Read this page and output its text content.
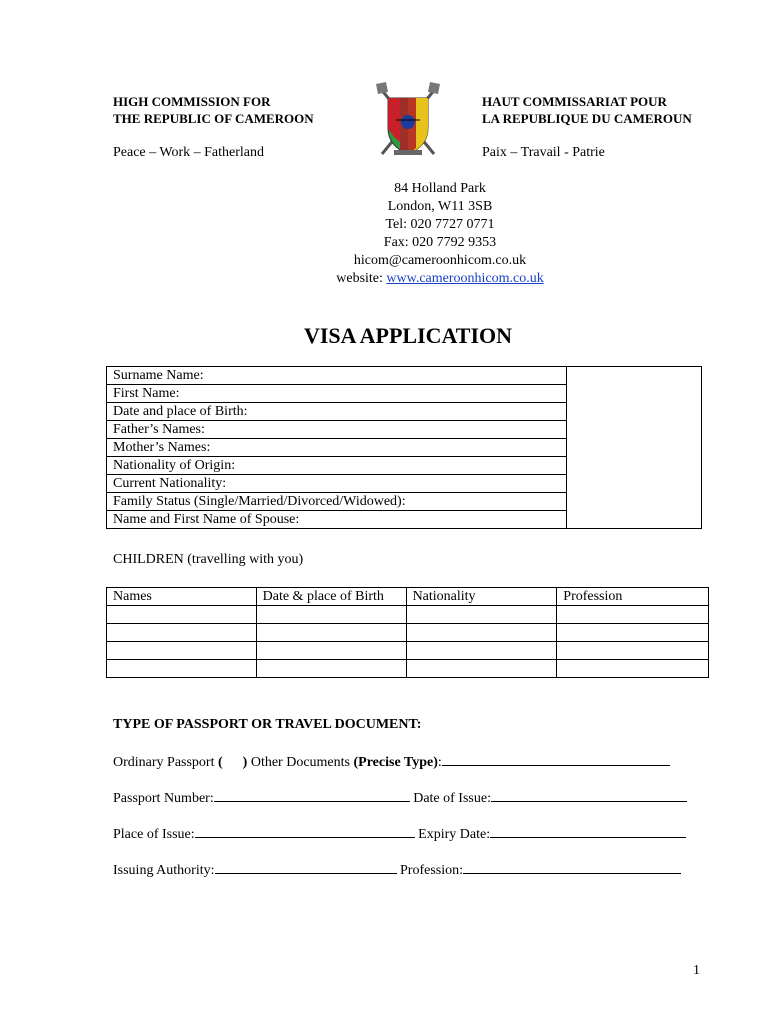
HIGH COMMISSION FOR
THE REPUBLIC OF CAMEROON
Peace – Work – Fatherland
HAUT COMMISSARIAT POUR
LA REPUBLIQUE DU CAMEROUN
Paix – Travail - Patrie
84 Holland Park
London, W11 3SB
Tel: 020 7727 0771
Fax: 020 7792 9353
hicom@cameroonhicom.co.uk
website: www.cameroonhicom.co.uk
VISA APPLICATION
Surname Name:	
First Name:
Date and place of Birth:
Father’s Names:
Mother’s Names:
Nationality of Origin:
Current Nationality:
Family Status (Single/Married/Divorced/Widowed):
Name and First Name of Spouse:
CHILDREN (travelling with you)
Names	Date & place of Birth	Nationality	Profession

TYPE OF PASSPORT OR TRAVEL DOCUMENT:
Ordinary Passport ( ) Other Documents (Precise Type):
Passport Number:	Date of Issue:
Place of Issue:	Expiry Date:
Issuing Authority:	Profession:
1
